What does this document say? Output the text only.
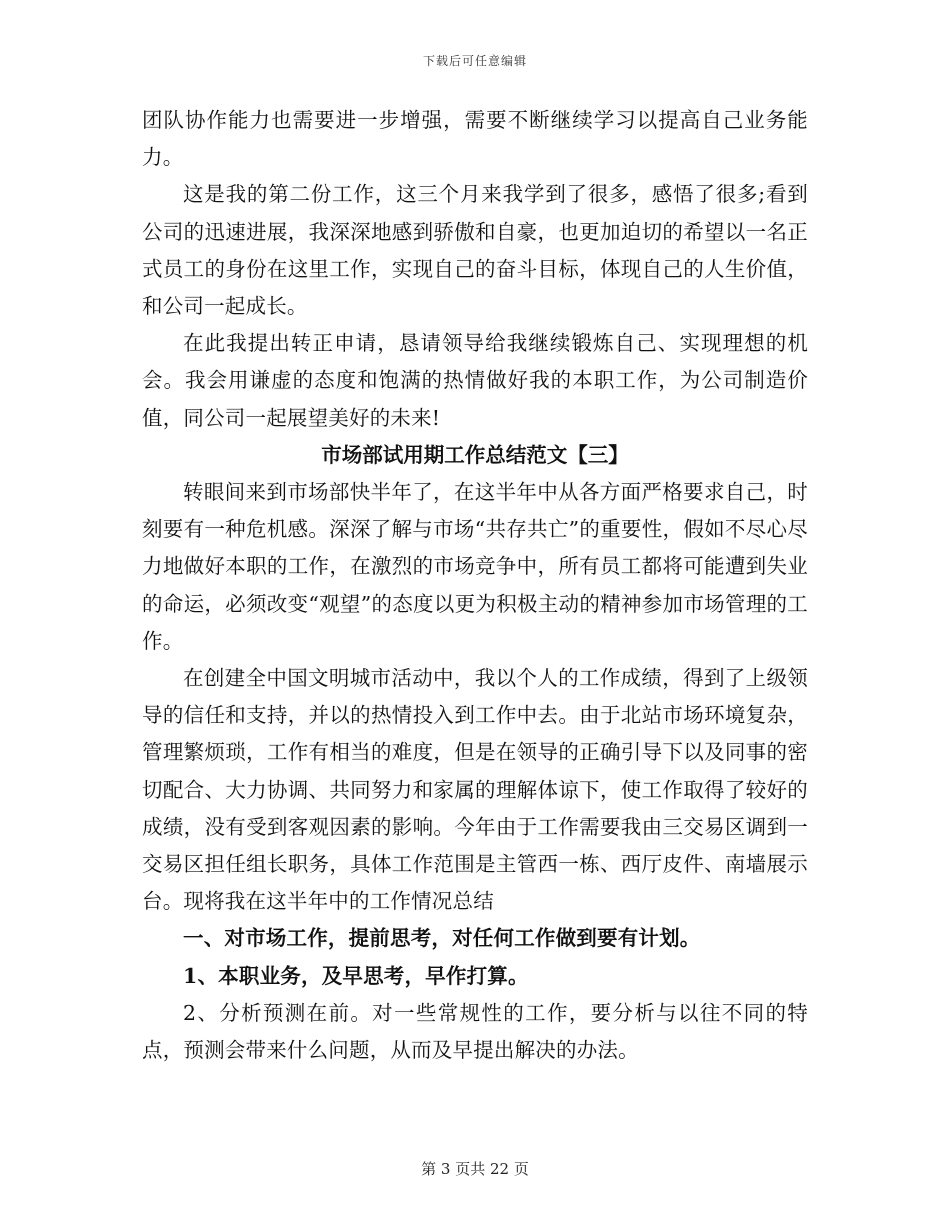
下载后可任意编辑

团队协作能力也需要进一步增强，需要不断继续学习以提高自己业务能力。

这是我的第二份工作，这三个月来我学到了很多，感悟了很多;看到公司的迅速进展，我深深地感到骄傲和自豪，也更加迫切的希望以一名正式员工的身份在这里工作，实现自己的奋斗目标，体现自己的人生价值，和公司一起成长。

在此我提出转正申请，恳请领导给我继续锻炼自己、实现理想的机会。我会用谦虚的态度和饱满的热情做好我的本职工作，为公司制造价值，同公司一起展望美好的未来!

市场部试用期工作总结范文【三】

转眼间来到市场部快半年了，在这半年中从各方面严格要求自己，时刻要有一种危机感。深深了解与市场“共存共亡”的重要性，假如不尽心尽力地做好本职的工作，在激烈的市场竞争中，所有员工都将可能遭到失业的命运，必须改变“观望”的态度以更为积极主动的精神参加市场管理的工作。

在创建全中国文明城市活动中，我以个人的工作成绩，得到了上级领导的信任和支持，并以的热情投入到工作中去。由于北站市场环境复杂，管理繁烦琐，工作有相当的难度，但是在领导的正确引导下以及同事的密切配合、大力协调、共同努力和家属的理解体谅下，使工作取得了较好的成绩，没有受到客观因素的影响。今年由于工作需要我由三交易区调到一交易区担任组长职务，具体工作范围是主管西一栋、西厅皮件、南墙展示台。现将我在这半年中的工作情况总结

一、对市场工作，提前思考，对任何工作做到要有计划。

1、本职业务，及早思考，早作打算。

2、分析预测在前。对一些常规性的工作，要分析与以往不同的特点，预测会带来什么问题，从而及早提出解决的办法。

第 3 页共 22 页
